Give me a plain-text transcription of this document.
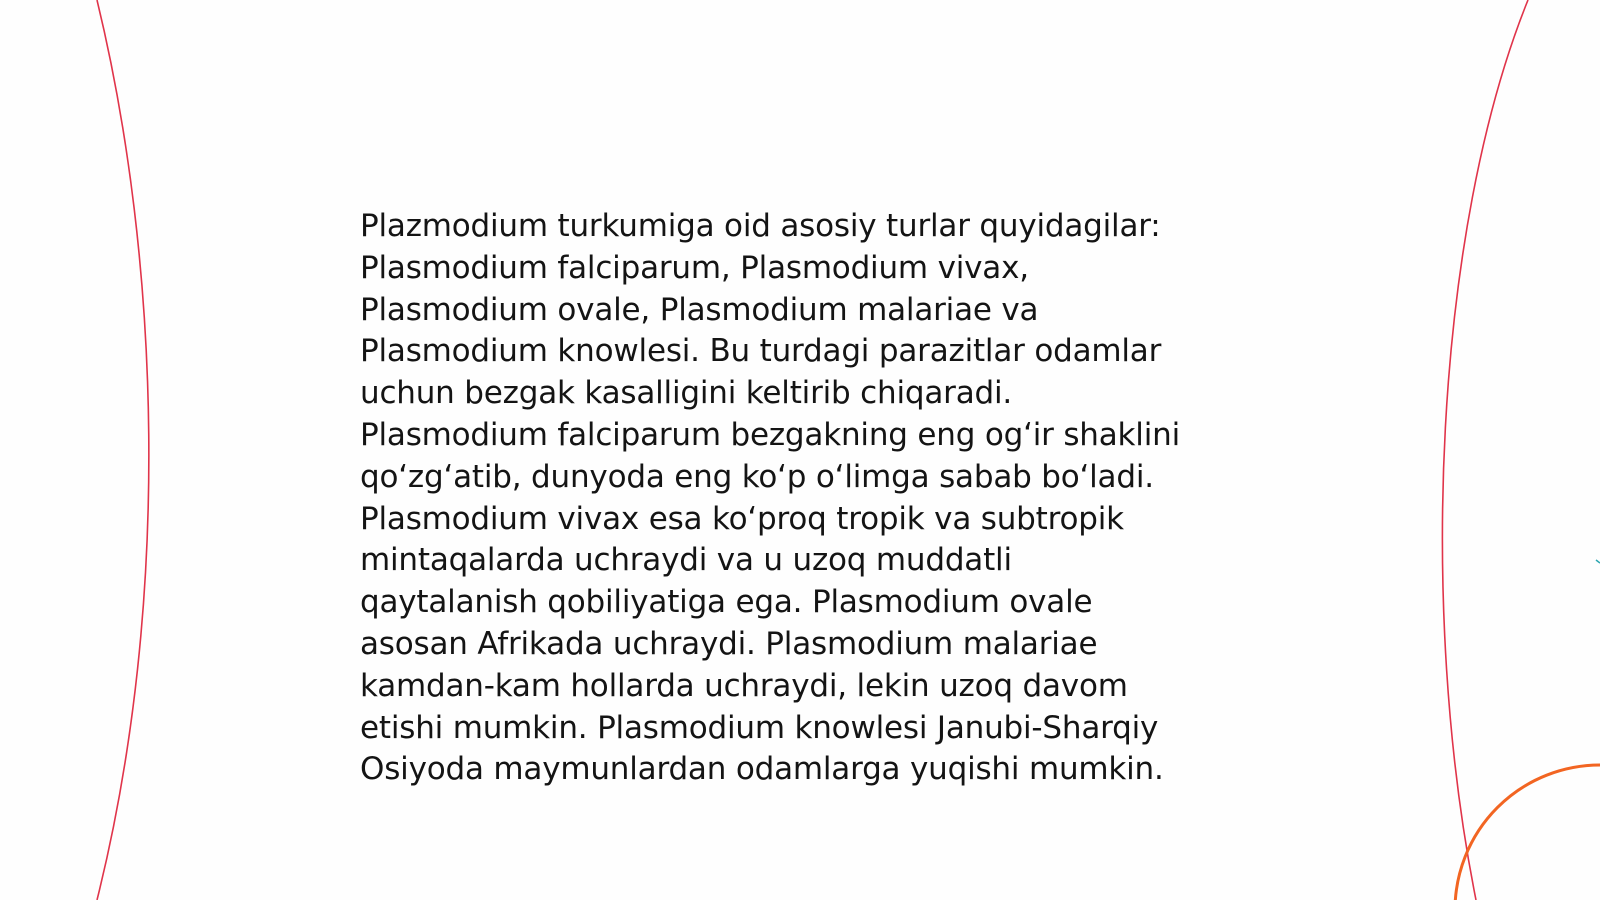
Plazmodium turkumiga oid asosiy turlar quyidagilar:
Plasmodium falciparum, Plasmodium vivax,
Plasmodium ovale, Plasmodium malariae va
Plasmodium knowlesi. Bu turdagi parazitlar odamlar
uchun bezgak kasalligini keltirib chiqaradi.
Plasmodium falciparum bezgakning eng og‘ir shaklini
qo‘zg‘atib, dunyoda eng ko‘p o‘limga sabab bo‘ladi.
Plasmodium vivax esa ko‘proq tropik va subtropik
mintaqalarda uchraydi va u uzoq muddatli
qaytalanish qobiliyatiga ega. Plasmodium ovale
asosan Afrikada uchraydi. Plasmodium malariae
kamdan-kam hollarda uchraydi, lekin uzoq davom
etishi mumkin. Plasmodium knowlesi Janubi-Sharqiy
Osiyoda maymunlardan odamlarga yuqishi mumkin.
